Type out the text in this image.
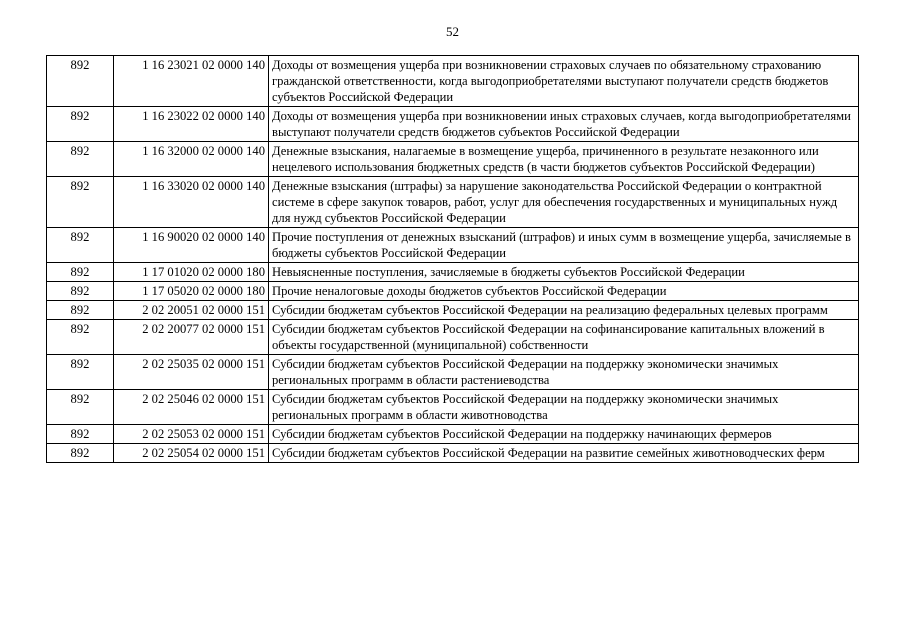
52
892	1 16 23021 02 0000 140	Доходы от возмещения ущерба при возникновении страховых случаев по обязательному страхованию гражданской ответственности, когда выгодоприобретателями выступают получатели средств бюджетов субъектов Российской Федерации
892	1 16 23022 02 0000 140	Доходы от возмещения ущерба при возникновении иных страховых случаев, когда выгодоприобретателями выступают получатели средств бюджетов субъектов Российской Федерации
892	1 16 32000 02 0000 140	Денежные взыскания, налагаемые в возмещение ущерба, причиненного в результате незаконного или нецелевого использования бюджетных средств (в части бюджетов субъектов Российской Федерации)
892	1 16 33020 02 0000 140	Денежные взыскания (штрафы) за нарушение законодательства Российской Федерации о контрактной системе в сфере закупок товаров, работ, услуг для обеспечения государственных и муниципальных нужд для нужд субъектов Российской Федерации
892	1 16 90020 02 0000 140	Прочие поступления от денежных взысканий (штрафов) и иных сумм в возмещение ущерба, зачисляемые в бюджеты субъектов Российской Федерации
892	1 17 01020 02 0000 180	Невыясненные поступления, зачисляемые в бюджеты субъектов Российской Федерации
892	1 17 05020 02 0000 180	Прочие неналоговые доходы бюджетов субъектов Российской Федерации
892	2 02 20051 02 0000 151	Субсидии бюджетам субъектов Российской Федерации на реализацию федеральных целевых программ
892	2 02 20077 02 0000 151	Субсидии бюджетам субъектов Российской Федерации на софинансирование капитальных вложений в объекты государственной (муниципальной) собственности
892	2 02 25035 02 0000 151	Субсидии бюджетам субъектов Российской Федерации на поддержку экономически значимых региональных программ в области растениеводства
892	2 02 25046 02 0000 151	Субсидии бюджетам субъектов Российской Федерации на поддержку экономически значимых региональных программ в области животноводства
892	2 02 25053 02 0000 151	Субсидии бюджетам субъектов Российской Федерации на поддержку начинающих фермеров
892	2 02 25054 02 0000 151	Субсидии бюджетам субъектов Российской Федерации на развитие семейных животноводческих ферм
